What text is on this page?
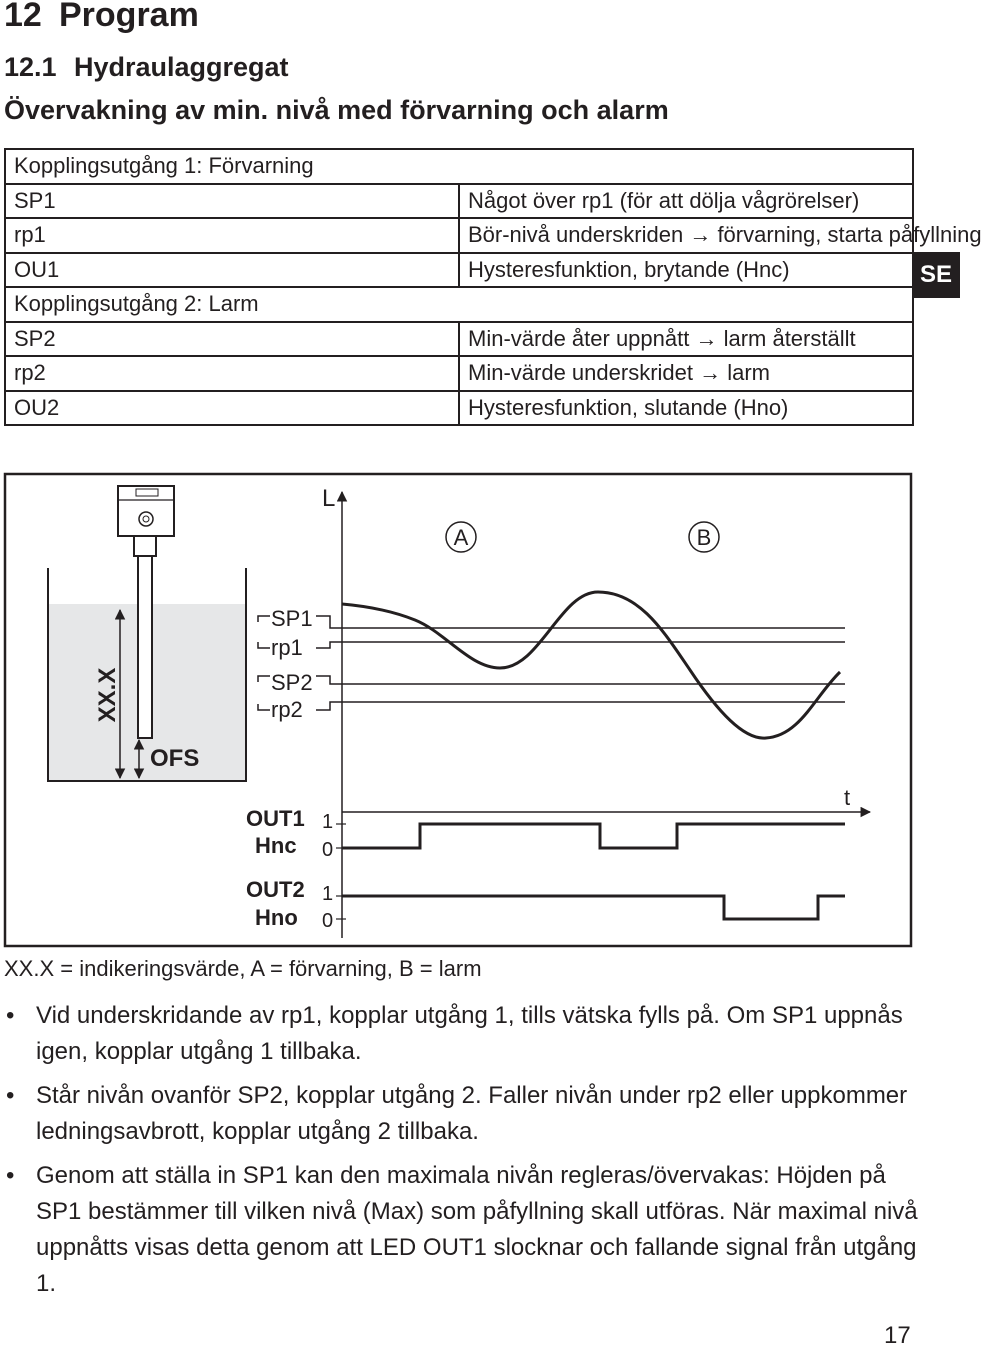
12 Program
12.1 Hydraulaggregat
Övervakning av min. nivå med förvarning och alarm
Kopplingsutgång 1: Förvarning	
SP1	Något över rp1 (för att dölja vågrörelser)
rp1	Bör-nivå underskriden → förvarning, starta påfyllning
OU1	Hysteresfunktion, brytande (Hnc)
Kopplingsutgång 2: Larm	
SP2	Min-värde åter uppnått → larm återställt
rp2	Min-värde underskridet → larm
OU2	Hysteresfunktion, slutande (Hno)
SE
XX.X
OFS
SP1
rp1
SP2
rp2
L
t
A	B
OUT1
Hnc
1
0
OUT2
Hno
1
0
XX.X = indikeringsvärde, A = förvarning, B = larm
• Vid underskridande av rp1, kopplar utgång 1, tills vätska fylls på. Om SP1 uppnås igen, kopplar utgång 1 tillbaka.
• Står nivån ovanför SP2, kopplar utgång 2. Faller nivån under rp2 eller uppkommer ledningsavbrott, kopplar utgång 2 tillbaka.
• Genom att ställa in SP1 kan den maximala nivån regleras/övervakas: Höjden på SP1 bestämmer till vilken nivå (Max) som påfyllning skall utföras. När maximal nivå uppnåtts visas detta genom att LED OUT1 slocknar och fallande signal från utgång 1.
17
